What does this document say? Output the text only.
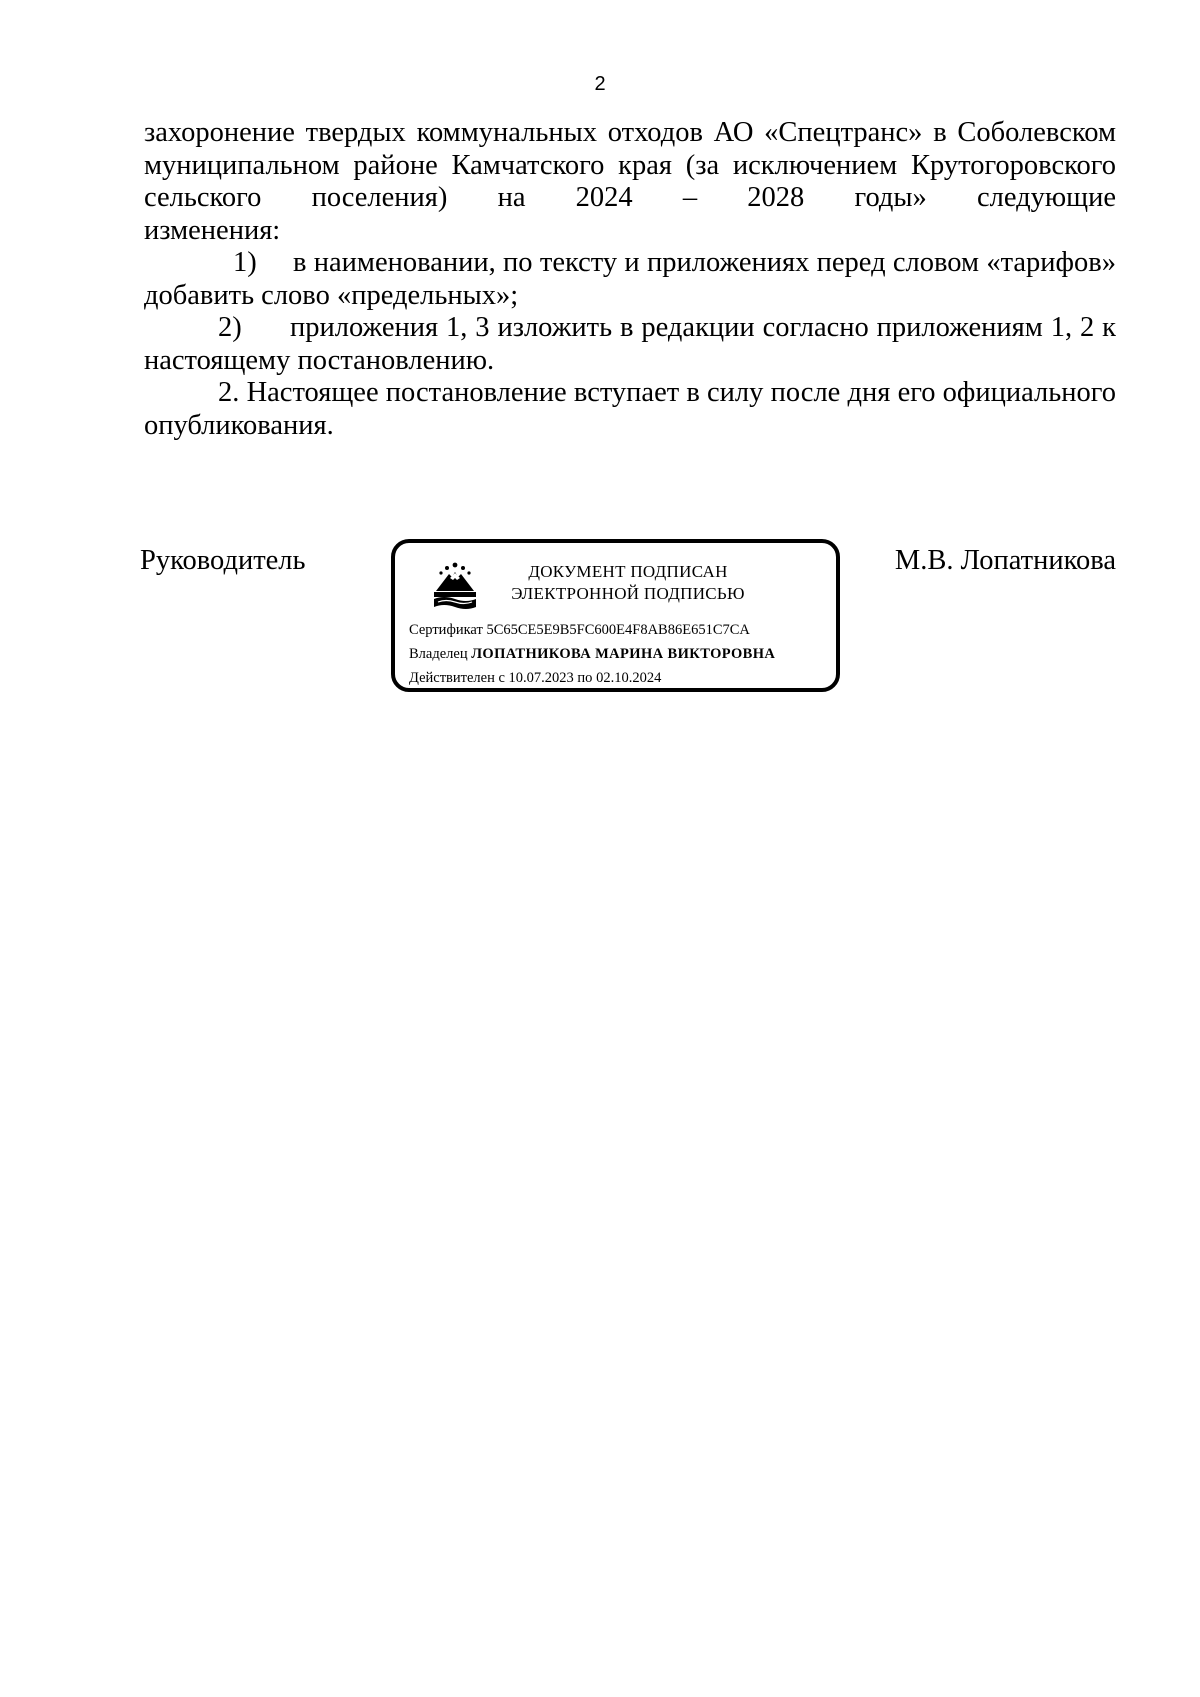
2

захоронение твердых коммунальных отходов АО «Спецтранс» в Соболевском муниципальном районе Камчатского края (за исключением Крутогоровского сельского поселения) на 2024 – 2028 годы» следующие
изменения:

1) в наименовании, по тексту и приложениях перед словом «тарифов» добавить слово «предельных»;

2) приложения 1, 3 изложить в редакции согласно приложениям 1, 2 к настоящему постановлению.

2. Настоящее постановление вступает в силу после дня его официального опубликования.

Руководитель	М.В. Лопатникова
ДОКУМЕНТ ПОДПИСАН
ЭЛЕКТРОННОЙ ПОДПИСЬЮ
Сертификат 5C65CE5E9B5FC600E4F8AB86E651C7CA
Владелец ЛОПАТНИКОВА МАРИНА ВИКТОРОВНА
Действителен с 10.07.2023 по 02.10.2024
